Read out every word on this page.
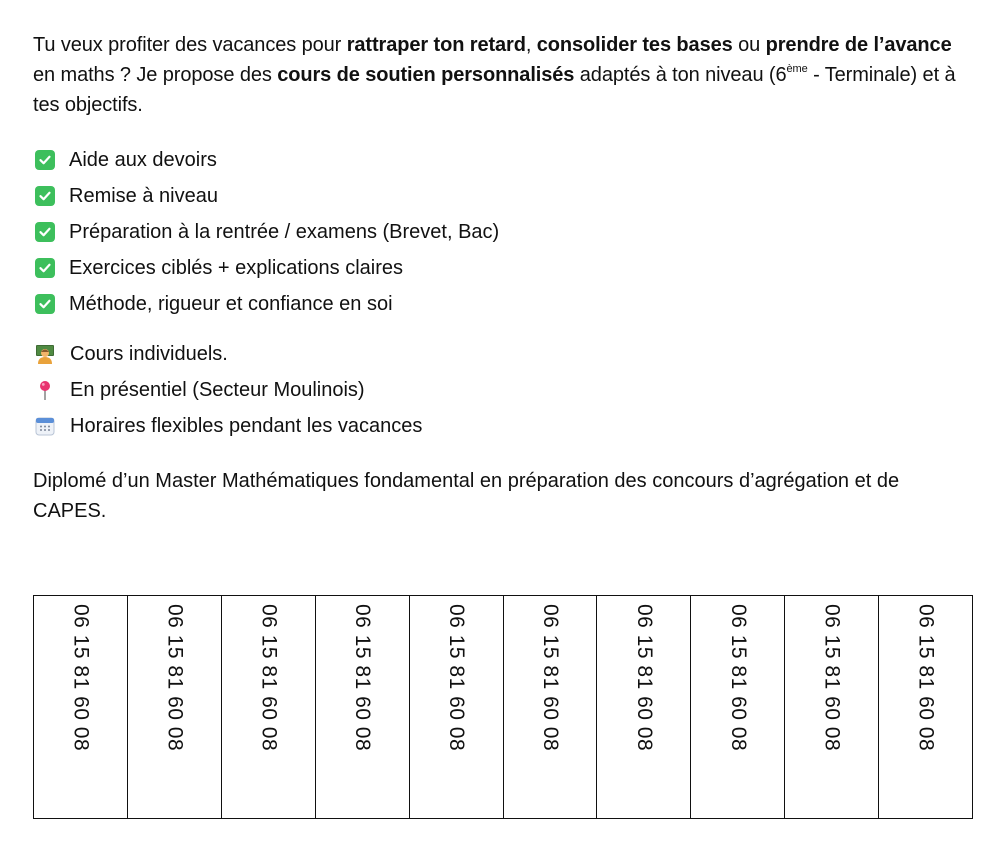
Tu veux profiter des vacances pour rattraper ton retard, consolider tes bases ou prendre de l’avance en maths ? Je propose des cours de soutien personnalisés adaptés à ton niveau (6ème - Terminale) et à tes objectifs.

Aide aux devoirs
Remise à niveau
Préparation à la rentrée / examens (Brevet, Bac)
Exercices ciblés + explications claires
Méthode, rigueur et confiance en soi
Cours individuels.
En présentiel (Secteur Moulinois)
Horaires flexibles pendant les vacances

Diplomé d’un Master Mathématiques fondamental en préparation des concours d’agrégation et de CAPES.

06 15 81 60 08	06 15 81 60 08	06 15 81 60 08	06 15 81 60 08	06 15 81 60 08	06 15 81 60 08	06 15 81 60 08	06 15 81 60 08	06 15 81 60 08	06 15 81 60 08
